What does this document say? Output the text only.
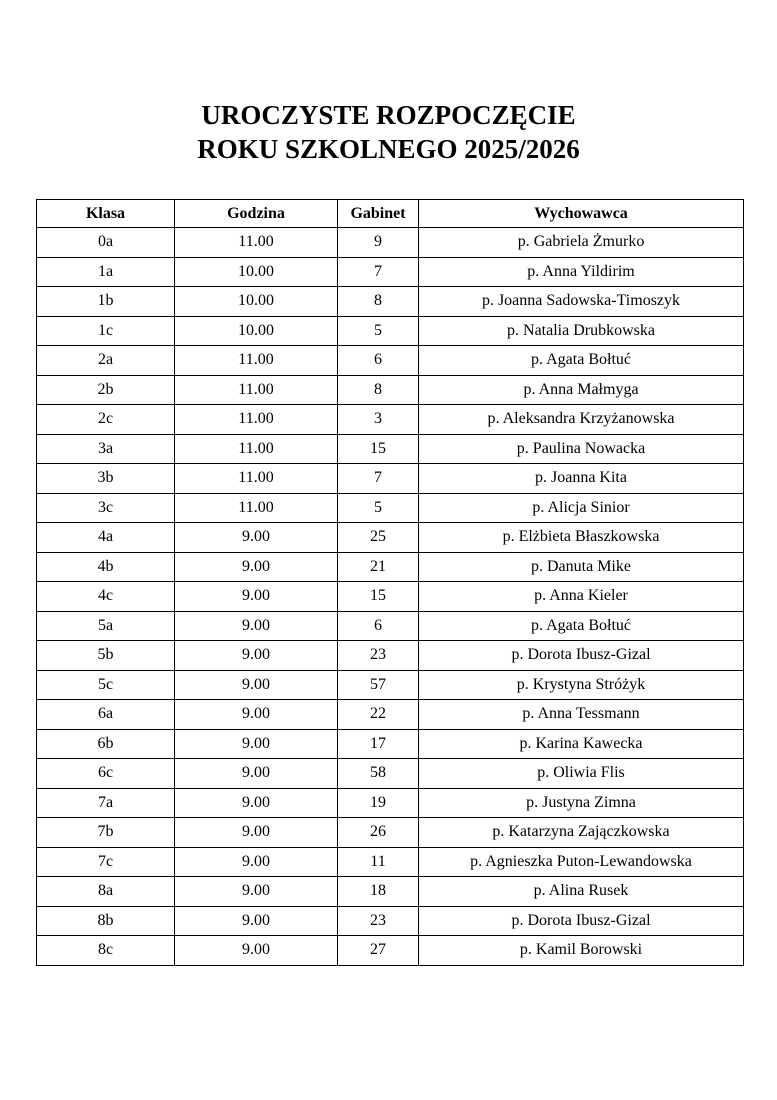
UROCZYSTE ROZPOCZĘCIE
ROKU SZKOLNEGO 2025/2026
Klasa	Godzina	Gabinet	Wychowawca
0a	11.00	9	p. Gabriela Żmurko
1a	10.00	7	p. Anna Yildirim
1b	10.00	8	p. Joanna Sadowska-Timoszyk
1c	10.00	5	p. Natalia Drubkowska
2a	11.00	6	p. Agata Bołtuć
2b	11.00	8	p. Anna Małmyga
2c	11.00	3	p. Aleksandra Krzyżanowska
3a	11.00	15	p. Paulina Nowacka
3b	11.00	7	p. Joanna Kita
3c	11.00	5	p. Alicja Sinior
4a	9.00	25	p. Elżbieta Błaszkowska
4b	9.00	21	p. Danuta Mike
4c	9.00	15	p. Anna Kieler
5a	9.00	6	p. Agata Bołtuć
5b	9.00	23	p. Dorota Ibusz-Gizal
5c	9.00	57	p. Krystyna Stróżyk
6a	9.00	22	p. Anna Tessmann
6b	9.00	17	p. Karina Kawecka
6c	9.00	58	p. Oliwia Flis
7a	9.00	19	p. Justyna Zimna
7b	9.00	26	p. Katarzyna Zajączkowska
7c	9.00	11	p. Agnieszka Puton-Lewandowska
8a	9.00	18	p. Alina Rusek
8b	9.00	23	p. Dorota Ibusz-Gizal
8c	9.00	27	p. Kamil Borowski
